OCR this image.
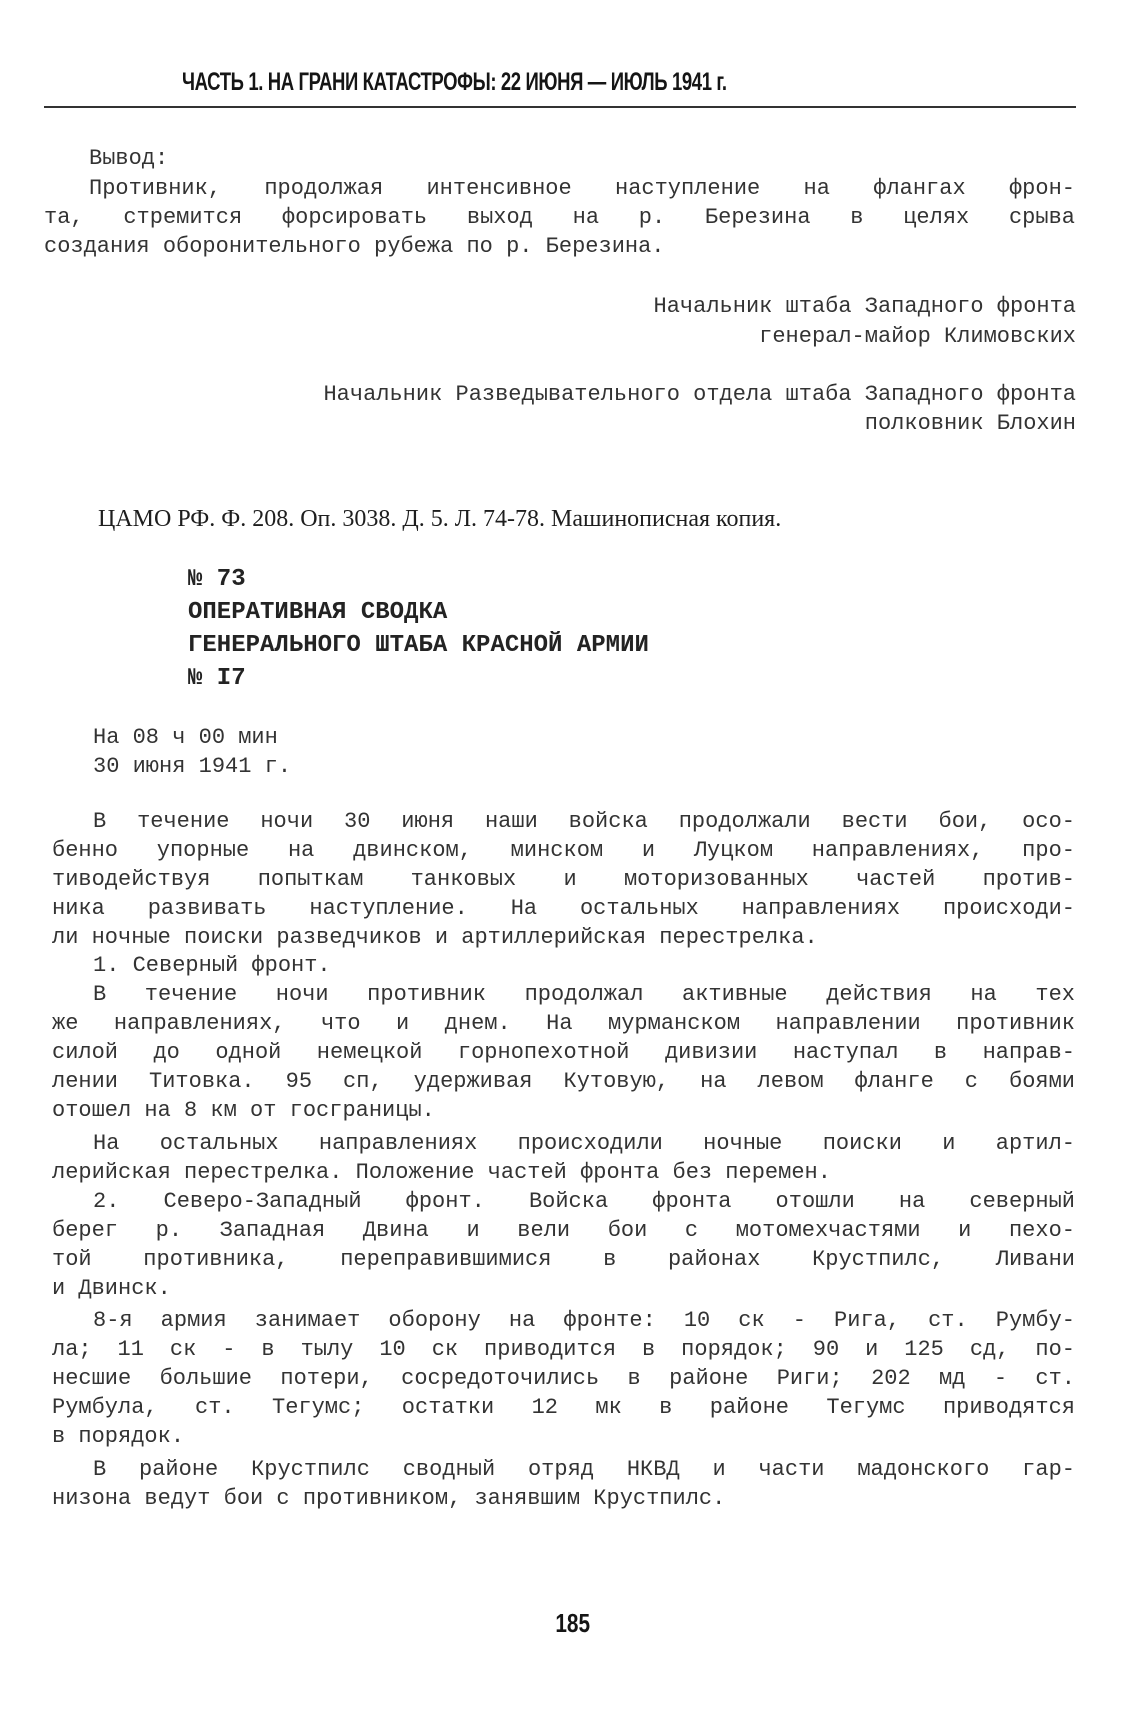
ЧАСТЬ 1. НА ГРАНИ КАТАСТРОФЫ: 22 ИЮНЯ — ИЮЛЬ 1941 г.
Вывод:
Противник, продолжая интенсивное наступление на флангах фрон-
та, стремится форсировать выход на р. Березина в целях срыва
создания оборонительного рубежа по р. Березина.
Начальник штаба Западного фронта
генерал-майор Климовских
Начальник Разведывательного отдела штаба Западного фронта
полковник Блохин
ЦАМО РФ. Ф. 208. Оп. 3038. Д. 5. Л. 74-78. Машинописная копия.
№ 73
ОПЕРАТИВНАЯ СВОДКА
ГЕНЕРАЛЬНОГО ШТАБА КРАСНОЙ АРМИИ
№ I7
На 08 ч 00 мин
30 июня 1941 г.
В течение ночи 30 июня наши войска продолжали вести бои, осо-
бенно упорные на двинском, минском и Луцком направлениях, про-
тиводействуя попыткам танковых и моторизованных частей против-
ника развивать наступление. На остальных направлениях происходи-
ли ночные поиски разведчиков и артиллерийская перестрелка.
1. Северный фронт.
В течение ночи противник продолжал активные действия на тех
же направлениях, что и днем. На мурманском направлении противник
силой до одной немецкой горнопехотной дивизии наступал в направ-
лении Титовка. 95 сп, удерживая Кутовую, на левом фланге с боями
отошел на 8 км от госграницы.
На остальных направлениях происходили ночные поиски и артил-
лерийская перестрелка. Положение частей фронта без перемен.
2. Северо-Западный фронт. Войска фронта отошли на северный
берег р. Западная Двина и вели бои с мотомехчастями и пехо-
той противника, переправившимися в районах Крустпилс, Ливани
и Двинск.
8-я армия занимает оборону на фронте: 10 ск - Рига, ст. Румбу-
ла; 11 ск - в тылу 10 ск приводится в порядок; 90 и 125 сд, по-
несшие большие потери, сосредоточились в районе Риги; 202 мд - ст.
Румбула, ст. Тегумс; остатки 12 мк в районе Тегумс приводятся
в порядок.
В районе Крустпилс сводный отряд НКВД и части мадонского гар-
низона ведут бои с противником, занявшим Крустпилс.
185
